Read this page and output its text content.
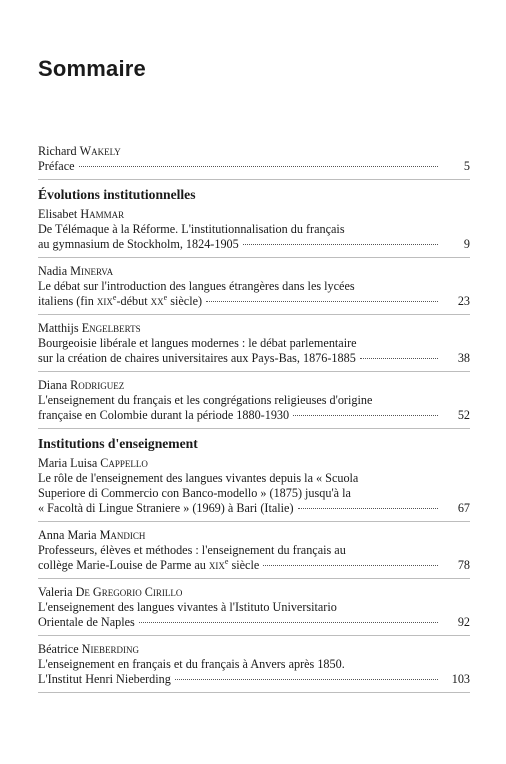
Sommaire
Richard Wakely
Préface	5
Évolutions institutionnelles
Elisabet Hammar
De Télémaque à la Réforme. L'institutionnalisation du français
au gymnasium de Stockholm, 1824-1905	9
Nadia Minerva
Le débat sur l'introduction des langues étrangères dans les lycées
italiens (fin xix$^e$-début $xx^e$ siècle)	23
Matthijs Engelberts
Bourgeoisie libérale et langues modernes : le débat parlementaire
sur la création de chaires universitaires aux Pays-Bas, 1876-1885	38
Diana Rodriguez
L'enseignement du français et les congrégations religieuses d'origine
française en Colombie durant la période 1880-1930	52
Institutions d'enseignement
Maria Luisa Cappello
Le rôle de l'enseignement des langues vivantes depuis la « Scuola
Superiore di Commercio con Banco-modello » (1875) jusqu'à la
« Facoltà di Lingue Straniere » (1969) à Bari (Italie)	67
Anna Maria Mandich
Professeurs, élèves et méthodes : l'enseignement du français au
collège Marie-Louise de Parme au xix$^e$ siècle	78
Valeria De Gregorio Cirillo
L'enseignement des langues vivantes à l'Istituto Universitario
Orientale de Naples	92
Béatrice Nieberding
L'enseignement en français et du français à Anvers après 1850.
L'Institut Henri Nieberding	103
